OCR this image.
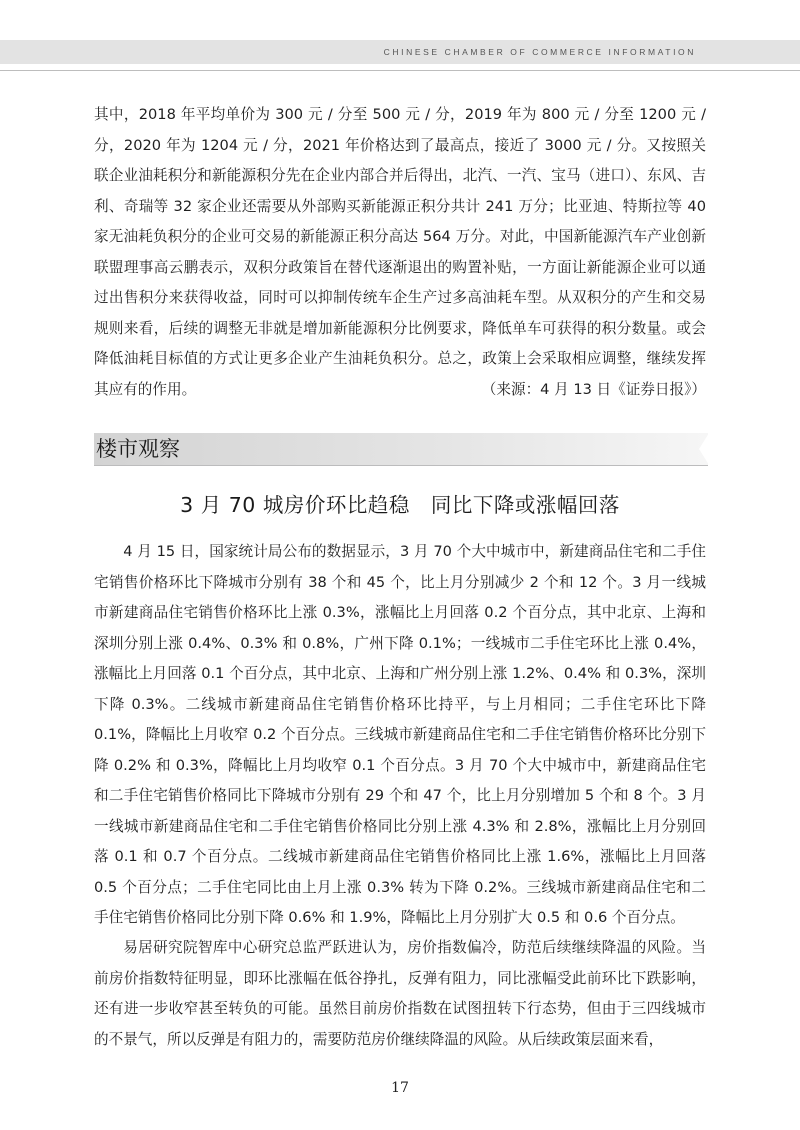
CHINESE CHAMBER OF COMMERCE INFORMATION

其中，2018 年平均单价为 300 元 / 分至 500 元 / 分，2019 年为 800 元 / 分至 1200 元 / 分，2020 年为 1204 元 / 分，2021 年价格达到了最高点，接近了 3000 元 / 分。又按照关联企业油耗积分和新能源积分先在企业内部合并后得出，北汽、一汽、宝马（进口）、东风、吉利、奇瑞等 32 家企业还需要从外部购买新能源正积分共计 241 万分；比亚迪、特斯拉等 40 家无油耗负积分的企业可交易的新能源正积分高达 564 万分。对此，中国新能源汽车产业创新联盟理事高云鹏表示，双积分政策旨在替代逐渐退出的购置补贴，一方面让新能源企业可以通过出售积分来获得收益，同时可以抑制传统车企生产过多高油耗车型。从双积分的产生和交易规则来看，后续的调整无非就是增加新能源积分比例要求，降低单车可获得的积分数量。或会降低油耗目标值的方式让更多企业产生油耗负积分。总之，政策上会采取相应调整，继续发挥其应有的作用。	（来源：4 月 13 日《证券日报》）

楼市观察
3 月 70 城房价环比趋稳　同比下降或涨幅回落

4 月 15 日，国家统计局公布的数据显示，3 月 70 个大中城市中，新建商品住宅和二手住宅销售价格环比下降城市分别有 38 个和 45 个，比上月分别减少 2 个和 12 个。3 月一线城市新建商品住宅销售价格环比上涨 0.3%，涨幅比上月回落 0.2 个百分点，其中北京、上海和深圳分别上涨 0.4%、0.3% 和 0.8%，广州下降 0.1%；一线城市二手住宅环比上涨 0.4%，涨幅比上月回落 0.1 个百分点，其中北京、上海和广州分别上涨 1.2%、0.4% 和 0.3%，深圳下降 0.3%。二线城市新建商品住宅销售价格环比持平，与上月相同；二手住宅环比下降 0.1%，降幅比上月收窄 0.2 个百分点。三线城市新建商品住宅和二手住宅销售价格环比分别下降 0.2% 和 0.3%，降幅比上月均收窄 0.1 个百分点。3 月 70 个大中城市中，新建商品住宅和二手住宅销售价格同比下降城市分别有 29 个和 47 个，比上月分别增加 5 个和 8 个。3 月一线城市新建商品住宅和二手住宅销售价格同比分别上涨 4.3% 和 2.8%，涨幅比上月分别回落 0.1 和 0.7 个百分点。二线城市新建商品住宅销售价格同比上涨 1.6%，涨幅比上月回落 0.5 个百分点；二手住宅同比由上月上涨 0.3% 转为下降 0.2%。三线城市新建商品住宅和二手住宅销售价格同比分别下降 0.6% 和 1.9%，降幅比上月分别扩大 0.5 和 0.6 个百分点。

易居研究院智库中心研究总监严跃进认为，房价指数偏冷，防范后续继续降温的风险。当前房价指数特征明显，即环比涨幅在低谷挣扎，反弹有阻力，同比涨幅受此前环比下跌影响，还有进一步收窄甚至转负的可能。虽然目前房价指数在试图扭转下行态势，但由于三四线城市的不景气，所以反弹是有阻力的，需要防范房价继续降温的风险。从后续政策层面来看，

17
